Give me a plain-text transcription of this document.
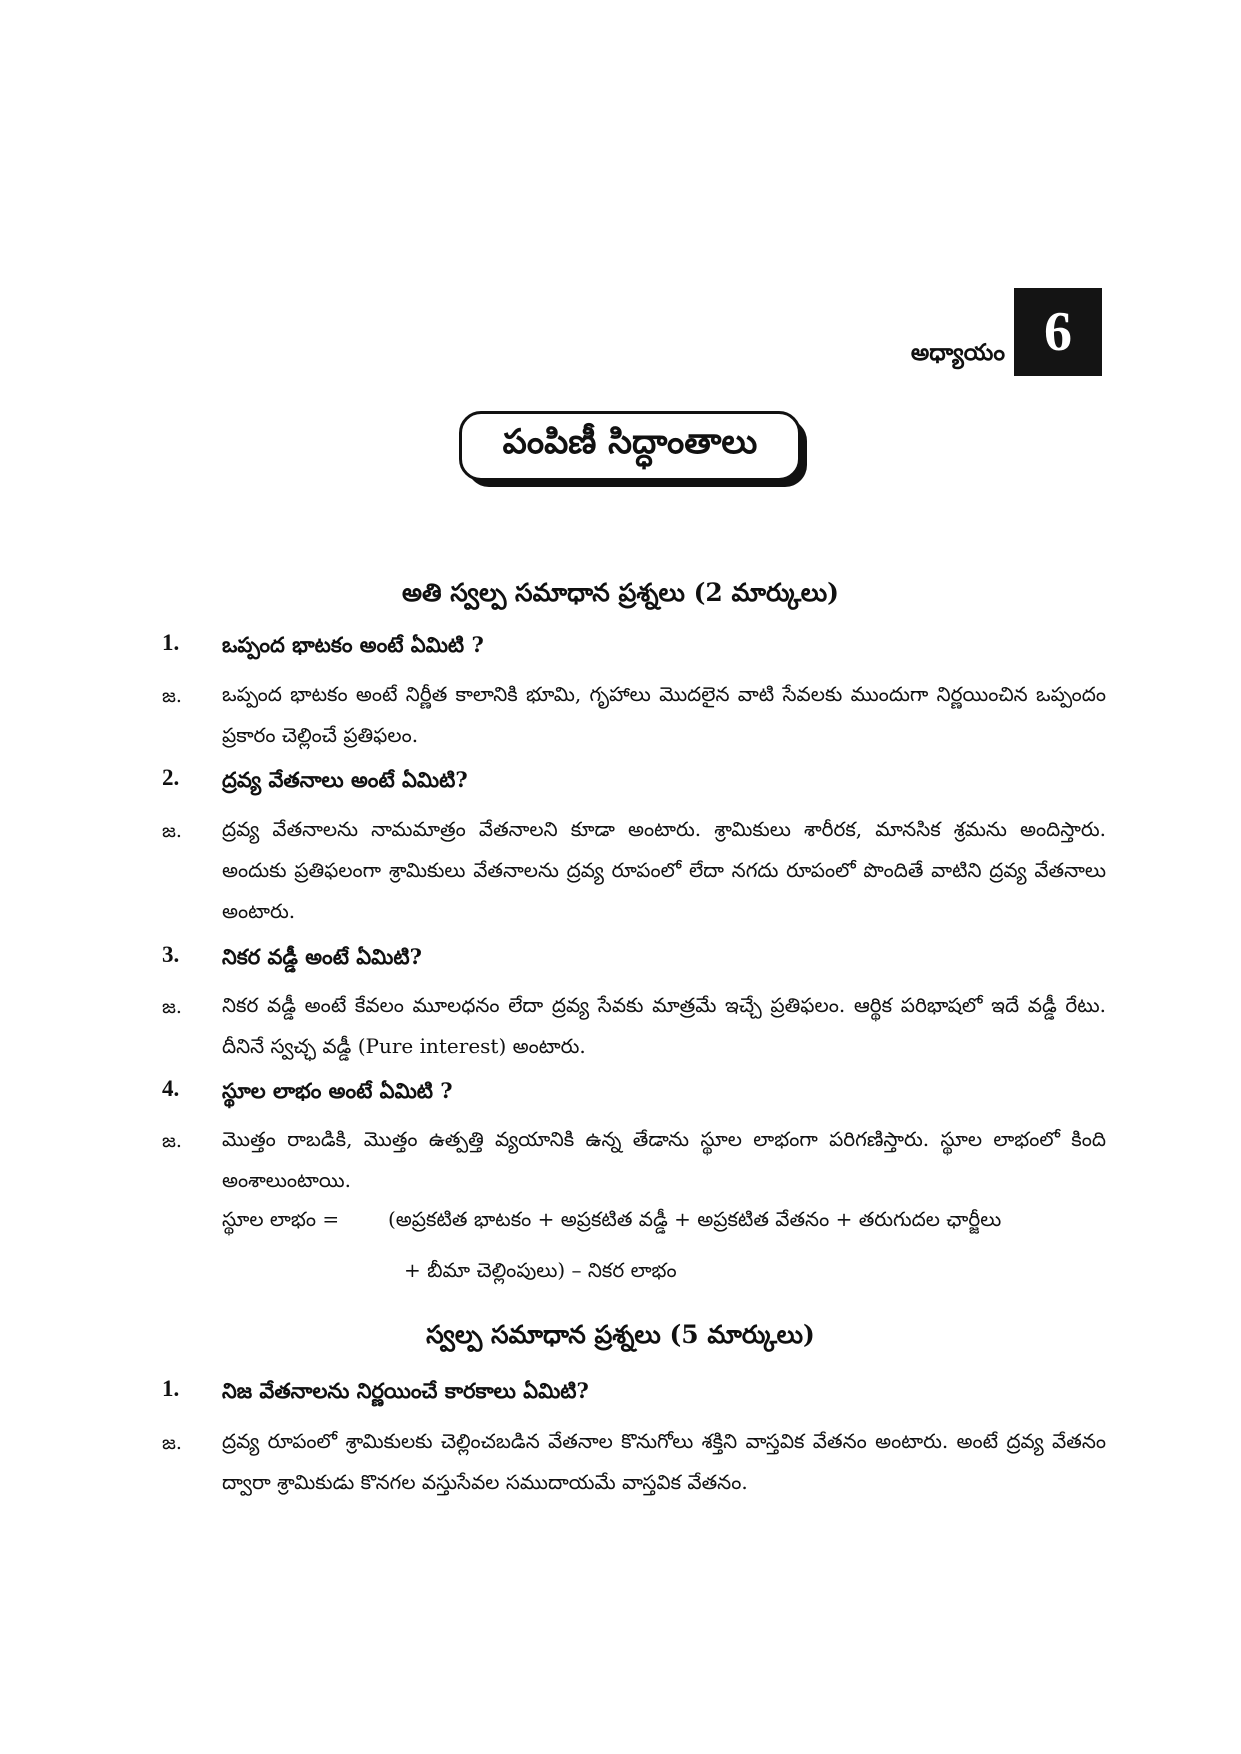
అధ్యాయం 6
పంపిణీ సిద్ధాంతాలు
అతి స్వల్ప సమాధాన ప్రశ్నలు (2 మార్కులు)
1. ఒప్పంద భాటకం అంటే ఏమిటి ?
జ. ఒప్పంద భాటకం అంటే నిర్ణీత కాలానికి భూమి, గృహాలు మొదలైన వాటి సేవలకు ముందుగా నిర్ణయించిన ఒప్పందం ప్రకారం చెల్లించే ప్రతిఫలం.
2. ద్రవ్య వేతనాలు అంటే ఏమిటి?
జ. ద్రవ్య వేతనాలను నామమాత్రం వేతనాలని కూడా అంటారు. శ్రామికులు శారీరక, మానసిక శ్రమను అందిస్తారు. అందుకు ప్రతిఫలంగా శ్రామికులు వేతనాలను ద్రవ్య రూపంలో లేదా నగదు రూపంలో పొందితే వాటిని ద్రవ్య వేతనాలు అంటారు.
3. నికర వడ్డీ అంటే ఏమిటి?
జ. నికర వడ్డీ అంటే కేవలం మూలధనం లేదా ద్రవ్య సేవకు మాత్రమే ఇచ్చే ప్రతిఫలం. ఆర్థిక పరిభాషలో ఇదే వడ్డీ రేటు. దీనినే స్వచ్ఛ వడ్డీ (Pure interest) అంటారు.
4. స్థూల లాభం అంటే ఏమిటి ?
జ. మొత్తం రాబడికి, మొత్తం ఉత్పత్తి వ్యయానికి ఉన్న తేడాను స్థూల లాభంగా పరిగణిస్తారు. స్థూల లాభంలో కింది అంశాలుంటాయి.
స్థూల లాభం = (అప్రకటిత భాటకం + అప్రకటిత వడ్డీ + అప్రకటిత వేతనం + తరుగుదల ఛార్జీలు
+ బీమా చెల్లింపులు) – నికర లాభం
స్వల్ప సమాధాన ప్రశ్నలు (5 మార్కులు)
1. నిజ వేతనాలను నిర్ణయించే కారకాలు ఏమిటి?
జ. ద్రవ్య రూపంలో శ్రామికులకు చెల్లించబడిన వేతనాల కొనుగోలు శక్తిని వాస్తవిక వేతనం అంటారు. అంటే ద్రవ్య వేతనం ద్వారా శ్రామికుడు కొనగల వస్తుసేవల సముదాయమే వాస్తవిక వేతనం.
